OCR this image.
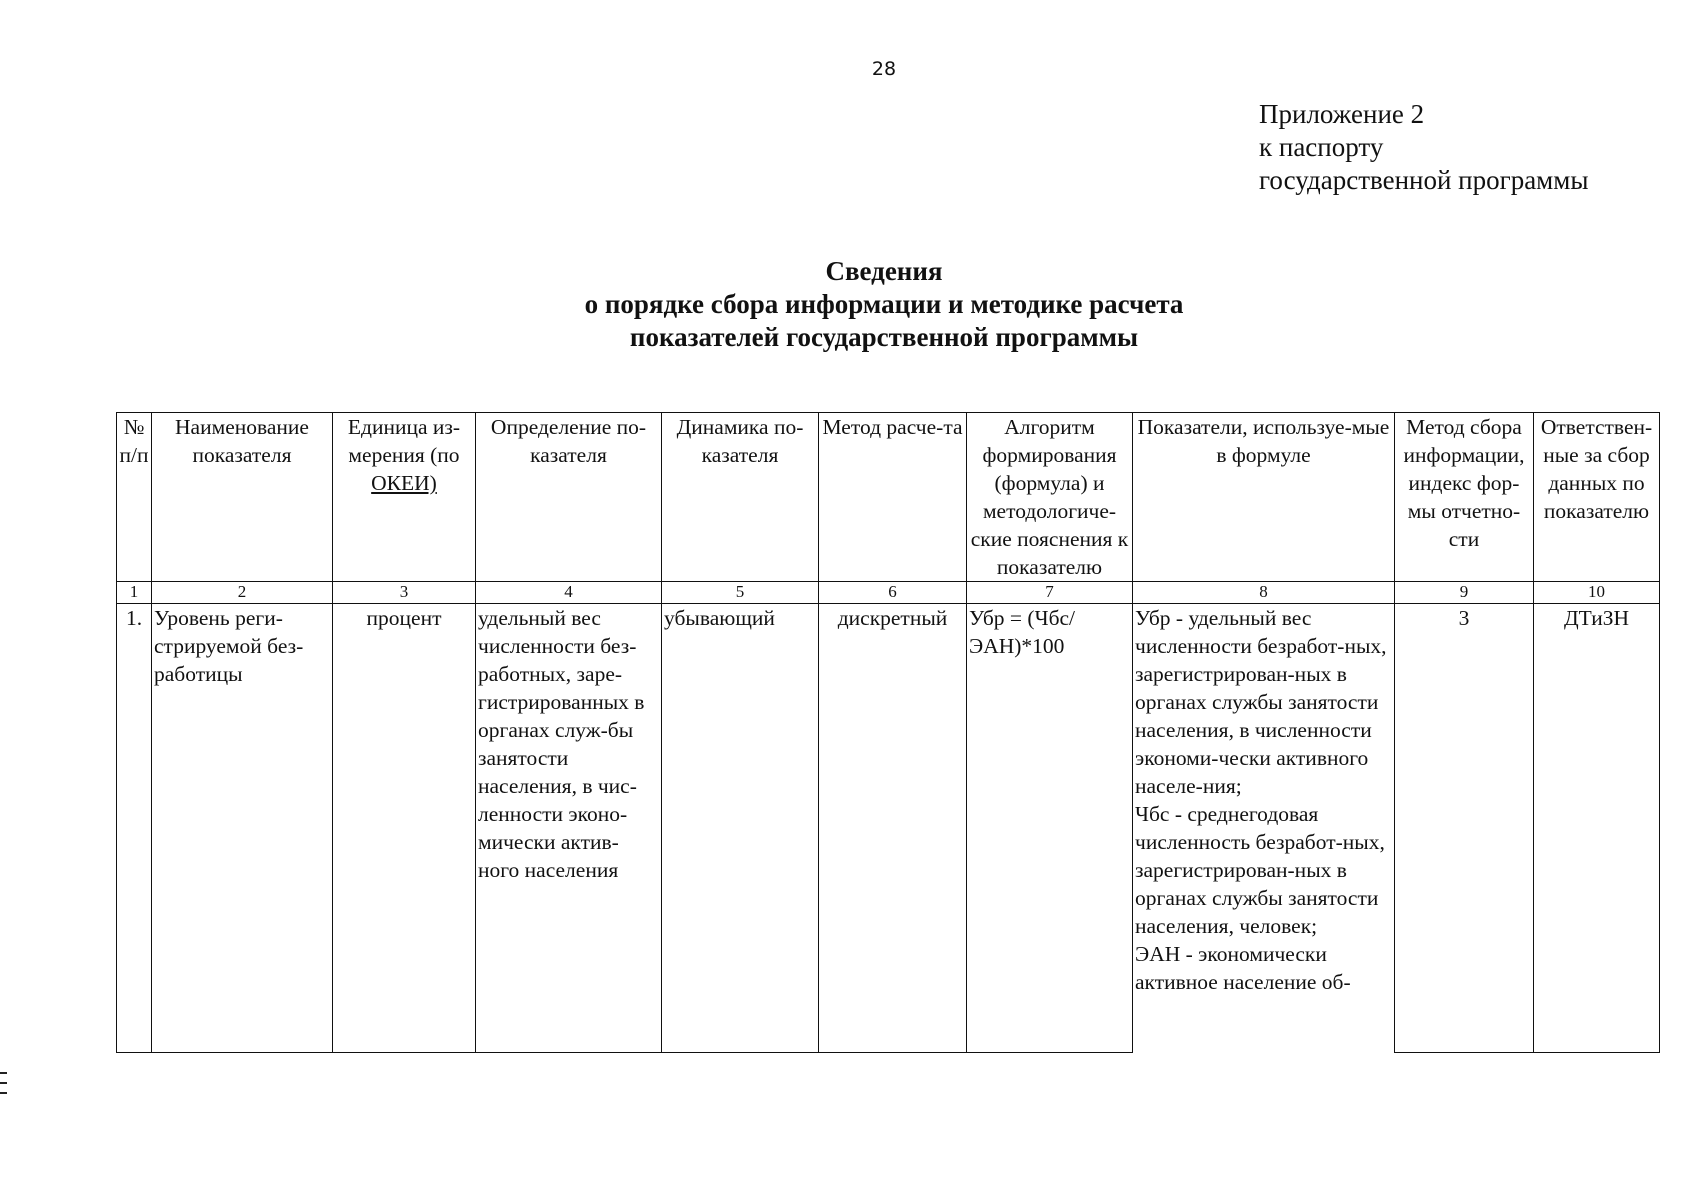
28
Приложение 2
к паспорту
государственной программы
Сведения
о порядке сбора информации и методике расчета
показателей государственной программы
№ п/п	Наименование показателя	Единица из-мерения (по ОКЕИ)	Определение по-казателя	Динамика по-казателя	Метод расче-та	Алгоритм формирования (формула) и методологиче-ские пояснения к показателю	Показатели, используе-мые в формуле	Метод сбора информации, индекс фор-мы отчетно-сти	Ответствен-ные за сбор данных по показателю
1	2	3	4	5	6	7	8	9	10
1.	Уровень реги-стрируемой без-работицы	процент	удельный вес численности без-работных, заре-гистрированных в органах служ-бы занятости населения, в чис-ленности эконо-мически актив-ного населения	убывающий	дискретный	Убр = (Чбс/ЭАН)*100	Убр - удельный вес численности безработ-ных, зарегистрирован-ных в органах службы занятости населения, в численности экономи-чески активного населе-ния;
Чбс - среднегодовая численность безработ-ных, зарегистрирован-ных в органах службы занятости населения, человек;
ЭАН - экономически активное население об-	3	ДТиЗН
